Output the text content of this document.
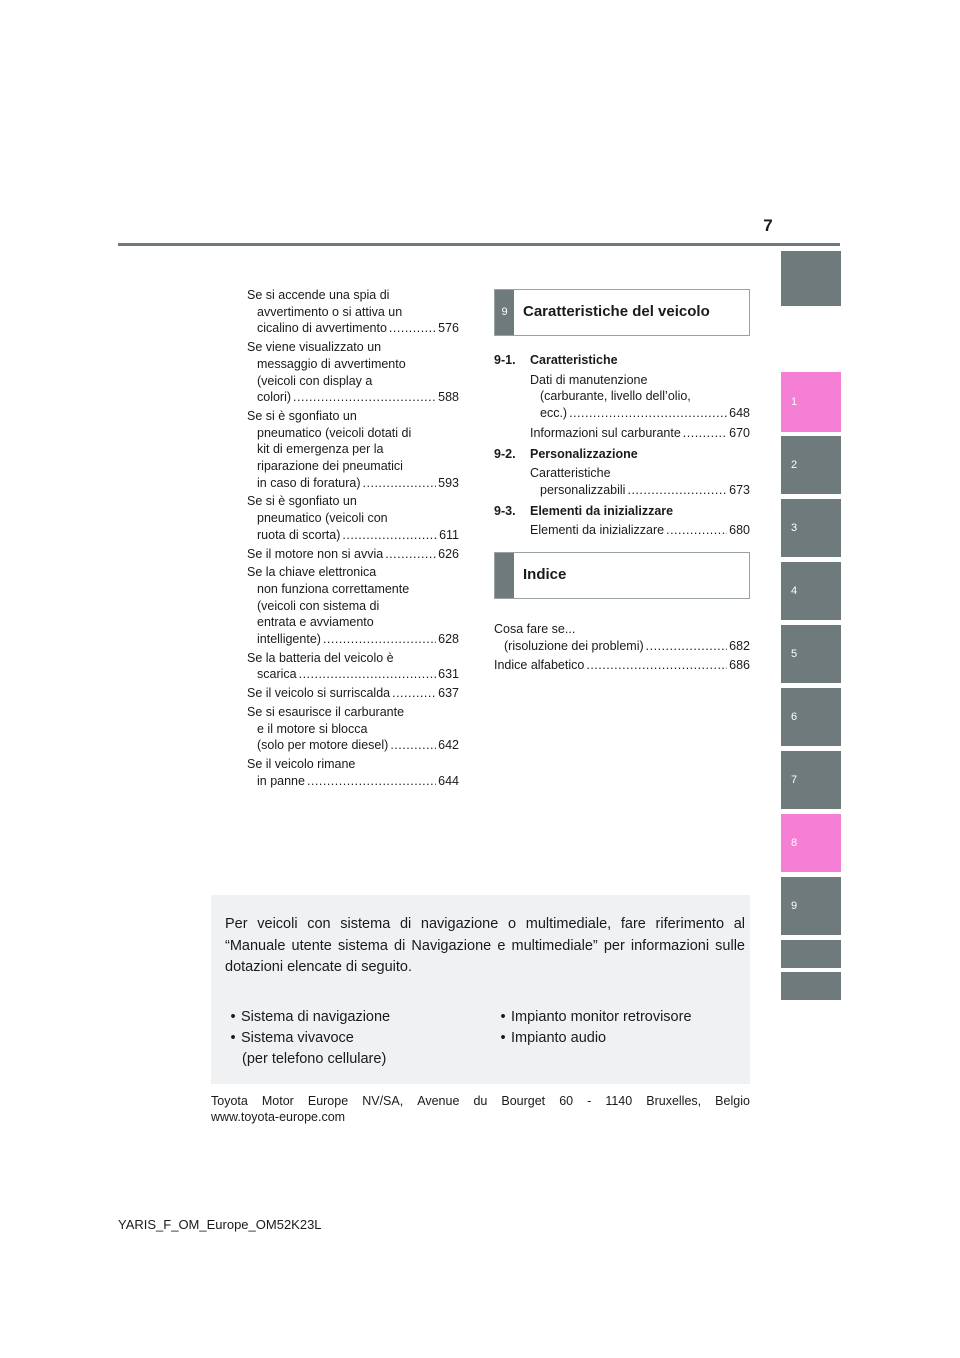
7
1
2
3
4
5
6
7
8
9
Se si accende una spia di
avvertimento o si attiva un
cicalino di avvertimento .....	576
Se viene visualizzato un
messaggio di avvertimento
(veicoli con display a
colori) .....	588
Se si è sgonfiato un
pneumatico (veicoli dotati di
kit di emergenza per la
riparazione dei pneumatici
in caso di foratura) .....	593
Se si è sgonfiato un
pneumatico (veicoli con
ruota di scorta) .....	611
Se il motore non si avvia .....	626
Se la chiave elettronica
non funziona correttamente
(veicoli con sistema di
entrata e avviamento
intelligente) .....	628
Se la batteria del veicolo è
scarica .....	631
Se il veicolo si surriscalda .....	637
Se si esaurisce il carburante
e il motore si blocca
(solo per motore diesel) .....	642
Se il veicolo rimane
in panne .....	644
9	Caratteristiche del veicolo
9-1.	Caratteristiche
Dati di manutenzione
(carburante, livello dell’olio,
ecc.) .....	648
Informazioni sul carburante .....	670
9-2.	Personalizzazione
Caratteristiche
personalizzabili .....	673
9-3.	Elementi da inizializzare
Elementi da inizializzare .....	680
Indice
Cosa fare se...
(risoluzione dei problemi) .....	682
Indice alfabetico .....	686
Per veicoli con sistema di navigazione o multimediale, fare riferimento al “Manuale utente sistema di Navigazione e multimediale” per informazioni sulle dotazioni elencate di seguito.
• Sistema di navigazione
• Sistema vivavoce
(per telefono cellulare)
• Impianto monitor retrovisore
• Impianto audio
Toyota Motor Europe NV/SA, Avenue du Bourget 60 - 1140 Bruxelles, Belgio
www.toyota-europe.com
YARIS_F_OM_Europe_OM52K23L
